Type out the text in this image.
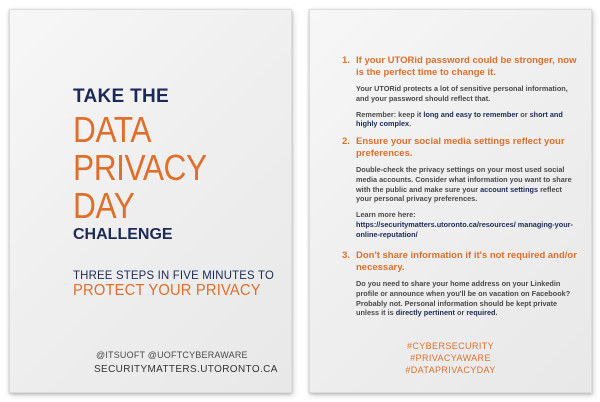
TAKE THE

DATA

PRIVACY

DAY

CHALLENGE

THREE STEPS IN FIVE MINUTES TO

PROTECT YOUR PRIVACY

@ITSUOFT @UOFTCYBERAWARE

SECURITYMATTERS.UTORONTO.CA

1. If your UTORid password could be stronger, now is the perfect time to change it.

Your UTORid protects a lot of sensitive personal information, and your password should reflect that.

Remember: keep it long and easy to remember or short and highly complex.

2. Ensure your social media settings reflect your preferences.

Double-check the privacy settings on your most used social media accounts. Consider what information you want to share with the public and make sure your account settings reflect your personal privacy preferences.

Learn more here:

https://securitymatters.utoronto.ca/resources/ managing-your-online-reputation/

3. Don't share information if it's not required and/or necessary.

Do you need to share your home address on your Linkedin profile or announce when you'll be on vacation on Facebook? Probably not. Personal information should be kept private unless it is directly pertinent or required.

#CYBERSECURITY
#PRIVACYAWARE
#DATAPRIVACYDAY
